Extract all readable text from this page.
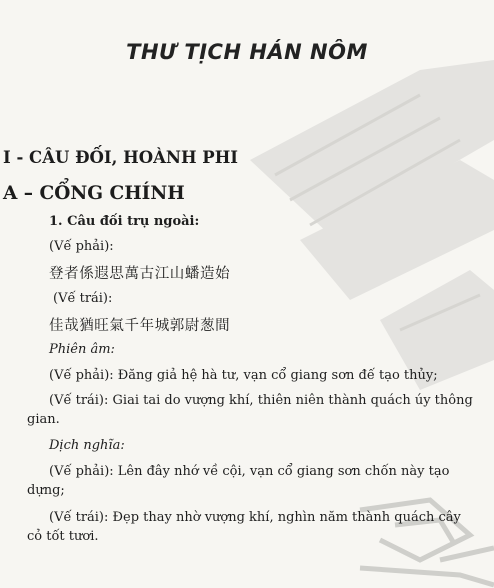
THƯ TỊCH HÁN NÔM
I - CÂU ĐỐI, HOÀNH PHI
A – CỔNG CHÍNH
1. Câu đối trụ ngoài:
(Vế phải):
登者係遐思萬古江山蟠造始
(Vế trái):
佳哉猶旺氣千年城郭尉葱間
Phiên âm:
(Vế phải): Đăng giả hệ hà tư, vạn cổ giang sơn đế tạo thủy;
(Vế trái): Giai tai do vượng khí, thiên niên thành quách úy thông gian.
Dịch nghĩa:
(Vế phải): Lên đây nhớ về cội, vạn cổ giang sơn chốn này tạo dựng;
(Vế trái): Đẹp thay nhờ vượng khí, nghìn năm thành quách cây cỏ tốt tươi.
